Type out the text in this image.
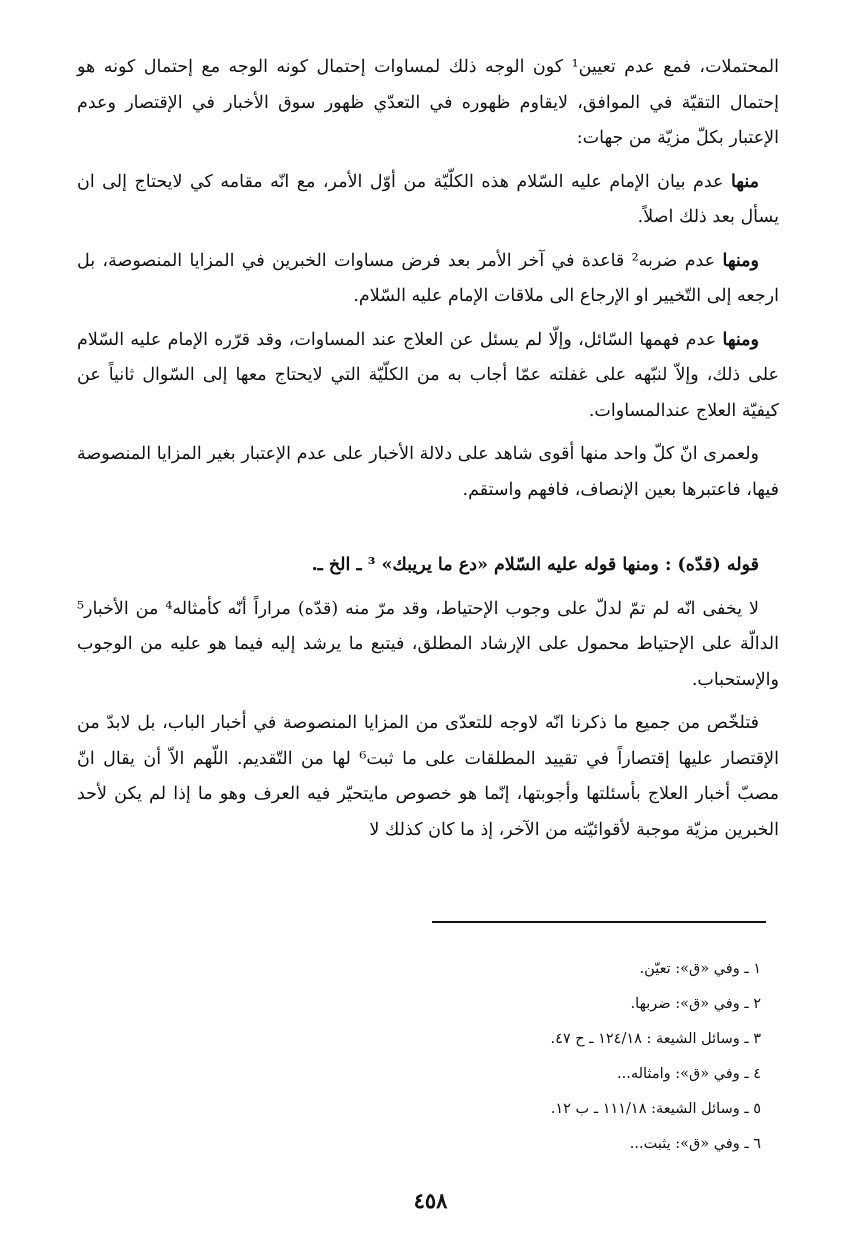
المحتملات، فمع عدم تعيين¹ كون الوجه ذلك لمساوات إحتمال كونه الوجه مع إحتمال كونه هو إحتمال التقيّة في الموافق، لايقاوم ظهوره في التعدّي ظهور سوق الأخبار في الإقتصار وعدم الإعتبار بكلّ مزيّة من جهات:

منها عدم بيان الإمام عليه السّلام هذه الكلّيّة من أوّل الأمر، مع انّه مقامه كي لايحتاج إلى ان يسأل بعد ذلك اصلاً.

ومنها عدم ضربه² قاعدة في آخر الأمر بعد فرض مساوات الخبرين في المزايا المنصوصة، بل ارجعه إلى التّخيير او الإرجاع الى ملاقات الإمام عليه السّلام.

ومنها عدم فهمها السّائل، وإلّا لم يسئل عن العلاج عند المساوات، وقد قرّره الإمام عليه السّلام على ذلك، وإلاّ لنبّهه على غفلته عمّا أجاب به من الكلّيّة التي لايحتاج معها إلى السّوال ثانياً عن كيفيّة العلاج عندالمساوات.

ولعمرى انّ كلّ واحد منها أقوى شاهد على دلالة الأخبار على عدم الإعتبار بغير المزايا المنصوصة فيها، فاعتبرها بعين الإنصاف، فافهم واستقم.

قوله (قدّه) : ومنها قوله عليه السّلام «دع ما يريبك» ³ ـ الخ ـ.

لا يخفى انّه لم تمّ لدلّ على وجوب الإحتياط، وقد مرّ منه (قدّه) مراراً أنّه كأمثاله⁴ من الأخبار⁵ الدالّة على الإحتياط محمول على الإرشاد المطلق، فيتبع ما يرشد إليه فيما هو عليه من الوجوب والإستحباب.

فتلخّص من جميع ما ذكرنا انّه لاوجه للتعدّى من المزايا المنصوصة في أخبار الباب، بل لابدّ من الإقتصار عليها إقتصاراً في تقييد المطلقات على ما ثبت⁶ لها من التّقديم. اللّهم الاّ أن يقال انّ مصبّ أخبار العلاج بأسئلتها وأجوبتها، إنّما هو خصوص مايتحيّر فيه العرف وهو ما إذا لم يكن لأحد الخبرين مزيّة موجبة لأقوائيّته من الآخر، إذ ما كان كذلك لا

١ ـ وفي «ق»: تعيّن.
٢ ـ وفي «ق»: ضربها.
٣ ـ وسائل الشيعة : ١٢٤/١٨ ـ ح ٤٧.
٤ ـ وفي «ق»: وامثاله...
٥ ـ وسائل الشيعة: ١١١/١٨ ـ ب ١٢.
٦ ـ وفي «ق»: يثبت...
٤٥٨
